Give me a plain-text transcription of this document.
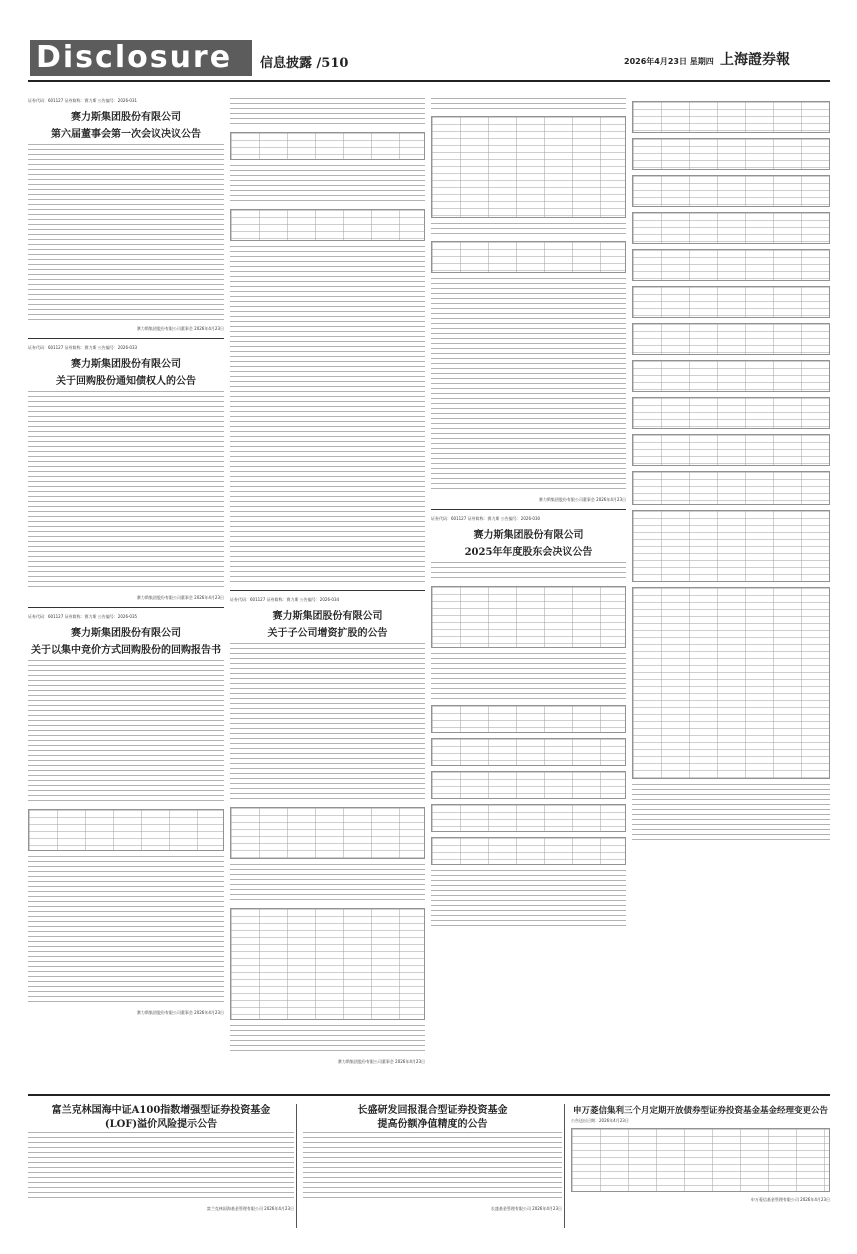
Disclosure	信息披露 /510	2026年4月23日 星期四 上海證券報
证券代码：601127 证券简称：赛力斯 公告编号：2026-031
赛力斯集团股份有限公司
第六届董事会第一次会议决议公告
赛力斯集团股份有限公司董事会 2026年4月23日
证券代码：601127 证券简称：赛力斯 公告编号：2026-033
赛力斯集团股份有限公司
关于回购股份通知债权人的公告
赛力斯集团股份有限公司董事会 2026年4月23日
证券代码：601127 证券简称：赛力斯 公告编号：2026-035
赛力斯集团股份有限公司
关于以集中竞价方式回购股份的回购报告书
赛力斯集团股份有限公司董事会 2026年4月23日
证券代码：601127 证券简称：赛力斯 公告编号：2026-034
赛力斯集团股份有限公司
关于子公司增资扩股的公告
赛力斯集团股份有限公司董事会 2026年4月23日
赛力斯集团股份有限公司董事会 2026年4月23日
证券代码：601127 证券简称：赛力斯 公告编号：2026-030
赛力斯集团股份有限公司
2025年年度股东会决议公告
富兰克林国海中证A100指数增强型证券投资基金
(LOF)溢价风险提示公告
富兰克林国海基金管理有限公司 2026年4月23日
长盛研发回报混合型证券投资基金
提高份额净值精度的公告
长盛基金管理有限公司 2026年4月23日
申万菱信集利三个月定期开放债券型证券投资基金基金经理变更公告
公告送出日期：2026年4月23日
申万菱信基金管理有限公司 2026年4月23日
